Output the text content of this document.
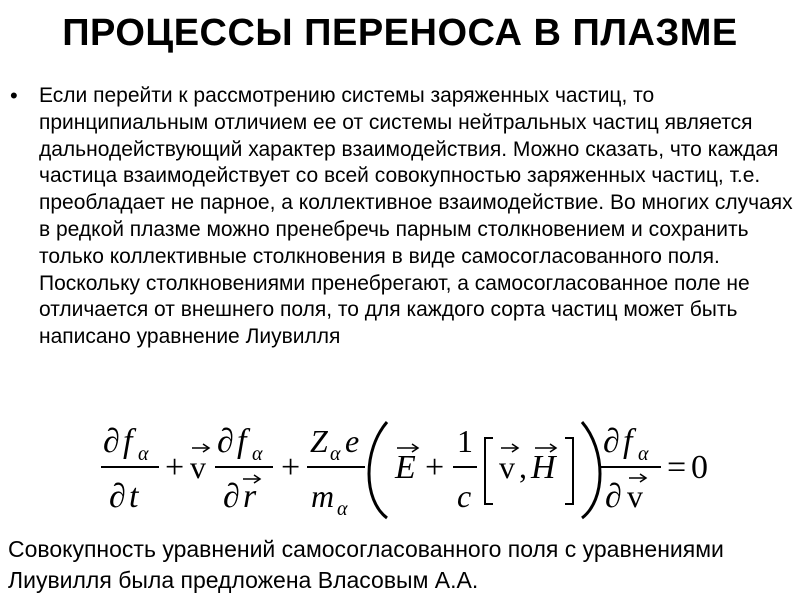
ПРОЦЕССЫ ПЕРЕНОСА В ПЛАЗМЕ
• Если перейти к рассмотрению системы заряженных частиц, то принципиальным отличием ее от системы нейтральных частиц является дальнодействующий характер взаимодействия. Можно сказать, что каждая частица взаимодействует со всей совокупностью заряженных частиц, т.е. преобладает не парное, а коллективное взаимодействие. Во многих случаях в редкой плазме можно пренебречь парным столкновением и сохранить только коллективные столкновения в виде самосогласованного поля. Поскольку столкновениями пренебрегают, а самосогласованное поле не отличается от внешнего поля, то для каждого сорта частиц может быть написано уравнение Лиувилля
∂ f α
∂ t
+ v
∂ f α
∂ r
+
Z α e
m α
E +
1
c
v , H
∂ f α
∂ v
= 0
Совокупность уравнений самосогласованного поля с уравнениями Лиувилля была предложена Власовым А.А.
